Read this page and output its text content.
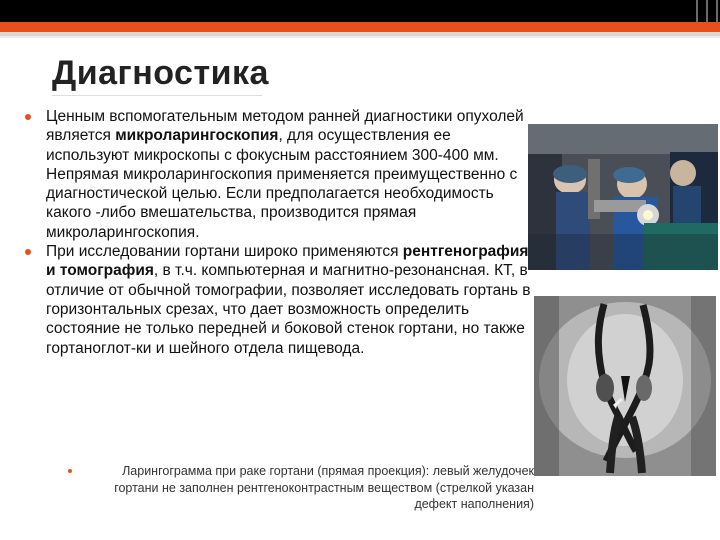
Диагностика
Ценным вспомогательным методом ранней диагностики опухолей является микроларингоскопия, для осуществления ее используют микроскопы с фокусным расстоянием 300-400 мм. Непрямая микроларингоскопия применяется преимущественно с диагностической целью. Если предполагается необходимость какого -либо вмешательства, производится прямая микроларингоскопия.
При исследовании гортани широко применяются рентгенография и томография, в т.ч. компьютерная и магнитно-резонансная. КТ, в отличие от обычной томографии, позволяет исследовать гортань в горизонтальных срезах, что дает возможность определить состояние не только передней и боковой стенок гортани, но также гортаноглот-ки и шейного отдела пищевода.
Ларингограмма при раке гортани (прямая проекция): левый желудочек гортани не заполнен рентгеноконтрастным веществом (стрелкой указан дефект наполнения)
